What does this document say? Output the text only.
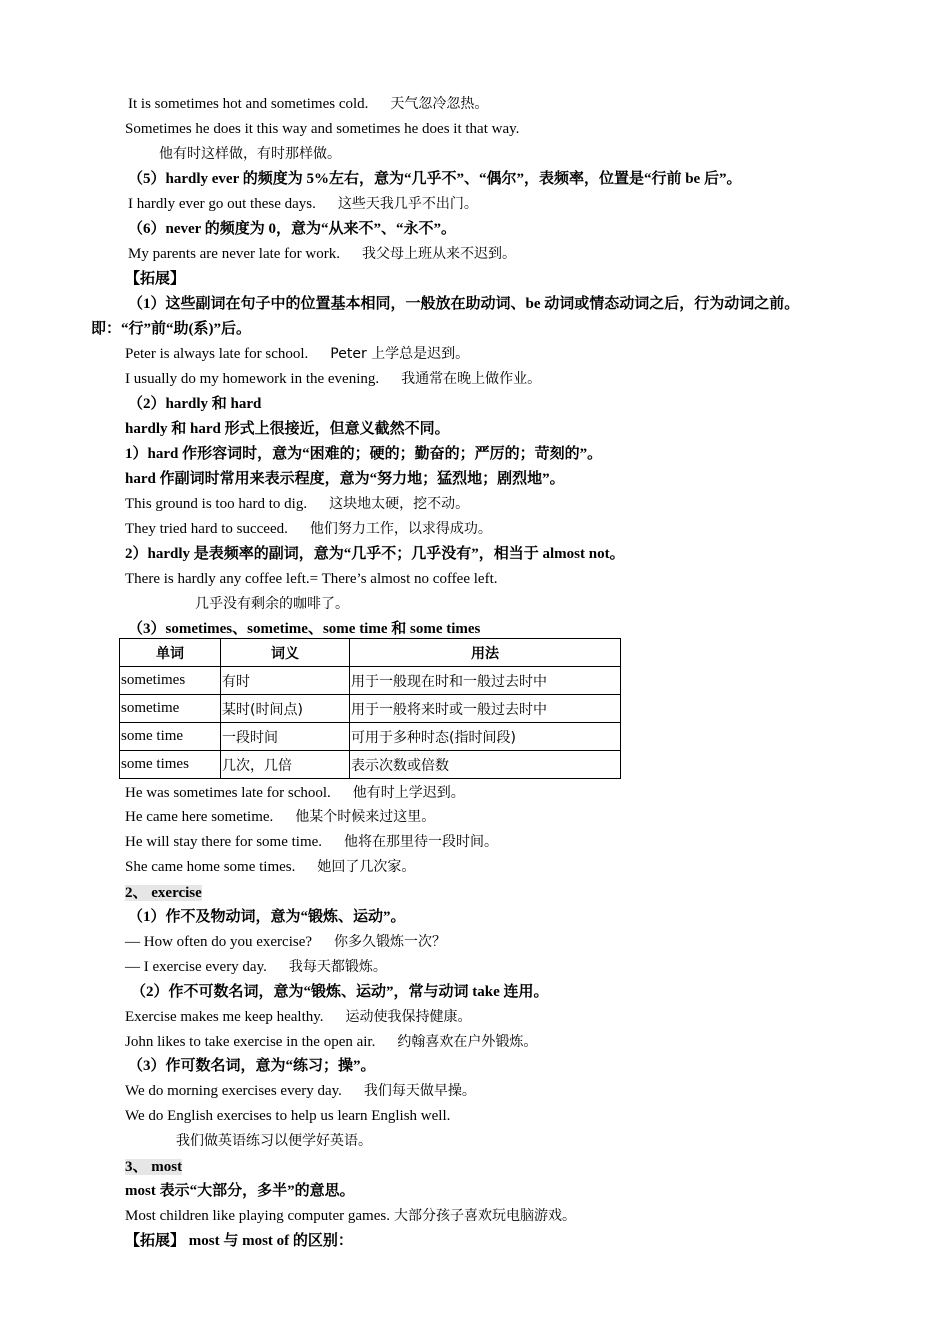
It is sometimes hot and sometimes cold. 天气忽冷忽热。
Sometimes he does it this way and sometimes he does it that way.
他有时这样做，有时那样做。
（5）hardly ever 的频度为 5%左右，意为“几乎不”、“偶尔”，表频率，位置是“行前 be 后”。
I hardly ever go out these days. 这些天我几乎不出门。
（6）never 的频度为 0，意为“从来不”、“永不”。
My parents are never late for work. 我父母上班从来不迟到。
【拓展】
（1）这些副词在句子中的位置基本相同，一般放在助动词、be 动词或情态动词之后，行为动词之前。
即：“行”前“助(系)”后。
Peter is always late for school. Peter 上学总是迟到。
I usually do my homework in the evening. 我通常在晚上做作业。
（2）hardly 和 hard
hardly 和 hard 形式上很接近，但意义截然不同。
1）hard 作形容词时，意为“困难的；硬的；勤奋的；严厉的；苛刻的”。
hard 作副词时常用来表示程度，意为“努力地；猛烈地；剧烈地”。
This ground is too hard to dig. 这块地太硬，挖不动。
They tried hard to succeed. 他们努力工作，以求得成功。
2）hardly 是表频率的副词，意为“几乎不；几乎没有”，相当于 almost not。
There is hardly any coffee left.= There’s almost no coffee left.
几乎没有剩余的咖啡了。
（3）sometimes、sometime、some time 和 some times
单词	词义	用法
sometimes	有时	用于一般现在时和一般过去时中
sometime	某时(时间点)	用于一般将来时或一般过去时中
some time	一段时间	可用于多种时态(指时间段)
some times	几次，几倍	表示次数或倍数
He was sometimes late for school. 他有时上学迟到。
He came here sometime. 他某个时候来过这里。
He will stay there for some time. 他将在那里待一段时间。
She came home some times. 她回了几次家。
2、 exercise
（1）作不及物动词，意为“锻炼、运动”。
— How often do you exercise? 你多久锻炼一次？
— I exercise every day. 我每天都锻炼。
（2）作不可数名词，意为“锻炼、运动”，常与动词 take 连用。
Exercise makes me keep healthy. 运动使我保持健康。
John likes to take exercise in the open air. 约翰喜欢在户外锻炼。
（3）作可数名词，意为“练习；操”。
We do morning exercises every day. 我们每天做早操。
We do English exercises to help us learn English well.
我们做英语练习以便学好英语。
3、 most
most 表示“大部分，多半”的意思。
Most children like playing computer games. 大部分孩子喜欢玩电脑游戏。
【拓展】 most 与 most of 的区别：
